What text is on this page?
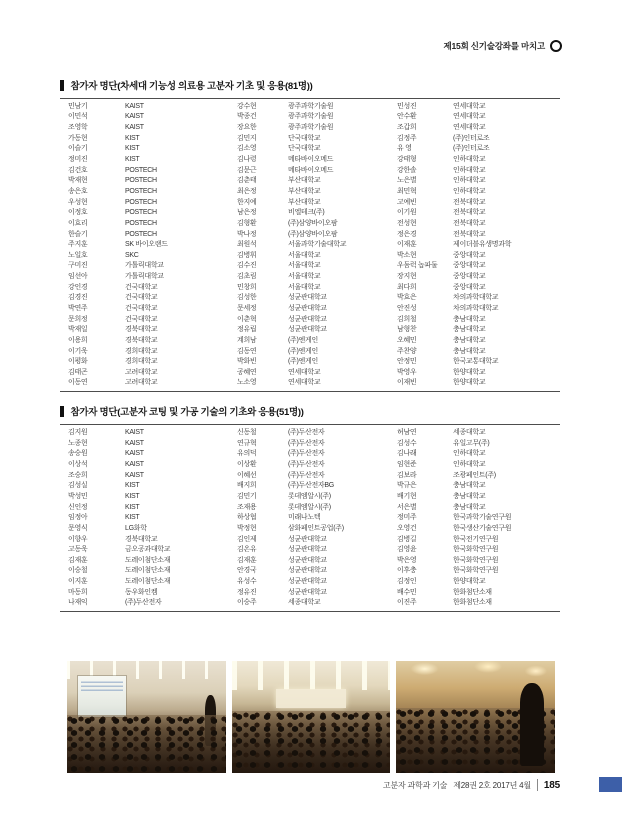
제15회 신기술강좌를 마치고
참가자 명단(차세대 기능성 의료용 고분자 기초 및 응용(81명))
민남기	KAIST	강수현	광주과학기술원	민성진	연세대학교
이민석	KAIST	박종건	광주과학기술원	안수환	연세대학교
조영학	KAIST	장요한	광주과학기술원	조갑희	연세대학교
가동현	KIST	김민지	단국대학교	김정주	(주)인터로조
이슬기	KIST	김소영	단국대학교	유 영	(주)인터로조
정미진	KIST	김나령	메타바이오메드	강태형	인하대학교
김건호	POSTECH	김문근	메타바이오메드	강한솔	인하대학교
박재현	POSTECH	김춘태	부산대학교	노은별	인하대학교
송은호	POSTECH	최은정	부산대학교	최민혁	인하대학교
우성현	POSTECH	한지예	부산대학교	고예빈	전북대학교
이정호	POSTECH	남은정	비엘테크(주)	이기원	전북대학교
이효리	POSTECH	김형환	(주)삼양바이오팜	전성현	전북대학교
한슬기	POSTECH	박나정	(주)삼양바이오팜	정은경	전북대학교
주지훈	SK 바이오랜드	최원석	서울과학기술대학교	이재훈	제이더블유생명과학
노일호	SKC	김병휘	서울대학교	박소현	중앙대학교
구미진	가톨릭대학교	김수진	서울대학교	우돔럭 놉파둘	중앙대학교
임선아	가톨릭대학교	김초림	서울대학교	장지현	중앙대학교
강인경	건국대학교	민창희	서울대학교	최다희	중앙대학교
김경진	건국대학교	김성한	성균관대학교	박효은	차의과학대학교
박연주	건국대학교	문세정	성균관대학교	안진성	차의과학대학교
문희정	건국대학교	이춘혁	성균관대학교	김희철	충남대학교
박재일	경북대학교	정유립	성균관대학교	남형찬	충남대학교
이용희	경북대학교	계희남	(주)엔게인	오혜민	충남대학교
이기욱	경희대학교	김동연	(주)엔게인	주찬양	충남대학교
이평화	경희대학교	박화빈	(주)엔게인	안정민	한국교통대학교
김태곤	고려대학교	공혜연	연세대학교	박영우	한양대학교
이동연	고려대학교	노소영	연세대학교	이재빈	한양대학교
참가자 명단(고분자 코팅 및 가공 기술의 기초와 응용(51명))
김지원	KAIST	신동철	(주)두산전자	허남연	세종대학교
노종현	KAIST	연규혁	(주)두산전자	김성수	유일고무(주)
송승원	KAIST	유의덕	(주)두산전자	김나래	인하대학교
이상석	KAIST	이상환	(주)두산전자	임현준	인하대학교
조승희	KAIST	이혜선	(주)두산전자	김보라	조광페인트(주)
김성실	KIST	배지희	(주)두산전자BG	박규은	충남대학교
박성민	KIST	김민기	롯데엠알시(주)	배기현	충남대학교
신인정	KIST	조재용	롯데엠알시(주)	서은별	충남대학교
임정아	KIST	하상협	미래나노텍	정미주	한국과학기술연구원
문영식	LG화학	박정현	삼화페인트공업(주)	오영건	한국생산기술연구원
이향우	경북대학교	김인제	성균관대학교	김병길	한국전기연구원
고동욱	금오공과대학교	김온유	성균관대학교	김영윤	한국화학연구원
김재훈	도레이첨단소재	김재훈	성균관대학교	박은영	한국화학연구원
이승철	도레이첨단소재	안경국	성균관대학교	이후충	한국화학연구원
이지훈	도레이첨단소재	유성수	성균관대학교	김정인	한양대학교
마동희	동우화인켐	정유진	성균관대학교	배수민	한화첨단소재
나재익	(주)두산전자	이승주	세종대학교	이진주	한화첨단소재
고분자 과학과 기술 제28권 2호 2017년 4월 185
